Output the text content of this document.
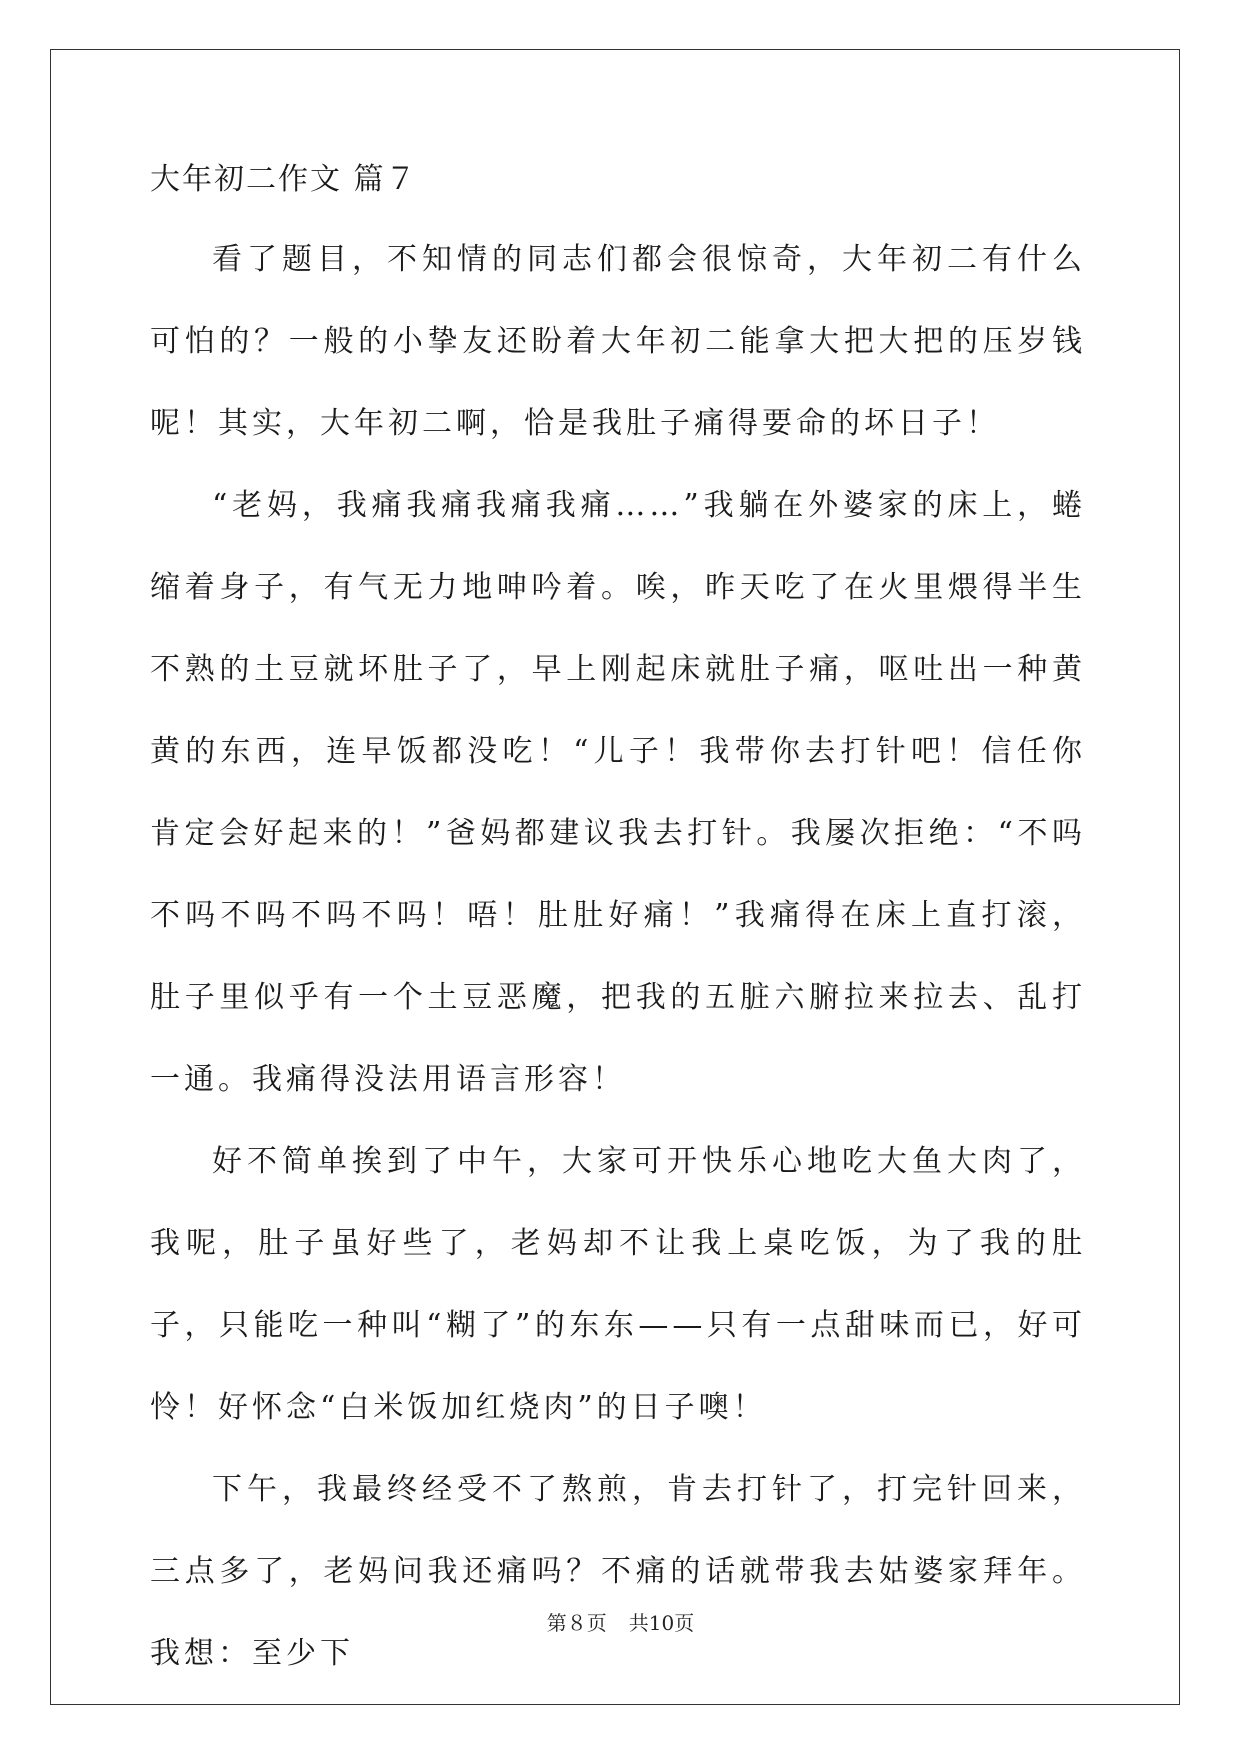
大年初二作文 篇７

看了题目，不知情的同志们都会很惊奇，大年初二有什么可怕的？一般的小挚友还盼着大年初二能拿大把大把的压岁钱呢！其实，大年初二啊，恰是我肚子痛得要命的坏日子！

“老妈，我痛我痛我痛我痛……”我躺在外婆家的床上，蜷缩着身子，有气无力地呻吟着。唉，昨天吃了在火里煨得半生不熟的土豆就坏肚子了，早上刚起床就肚子痛，呕吐出一种黄黄的东西，连早饭都没吃！“儿子！我带你去打针吧！信任你肯定会好起来的！”爸妈都建议我去打针。我屡次拒绝：“不吗不吗不吗不吗不吗！唔！肚肚好痛！”我痛得在床上直打滚，肚子里似乎有一个土豆恶魔，把我的五脏六腑拉来拉去、乱打一通。我痛得没法用语言形容！

好不简单挨到了中午，大家可开快乐心地吃大鱼大肉了，我呢，肚子虽好些了，老妈却不让我上桌吃饭，为了我的肚子，只能吃一种叫“糊了”的东东——只有一点甜味而已，好可怜！好怀念“白米饭加红烧肉”的日子噢！

下午，我最终经受不了熬煎，肯去打针了，打完针回来，三点多了，老妈问我还痛吗？不痛的话就带我去姑婆家拜年。我想：至少下

第８页 共10页
